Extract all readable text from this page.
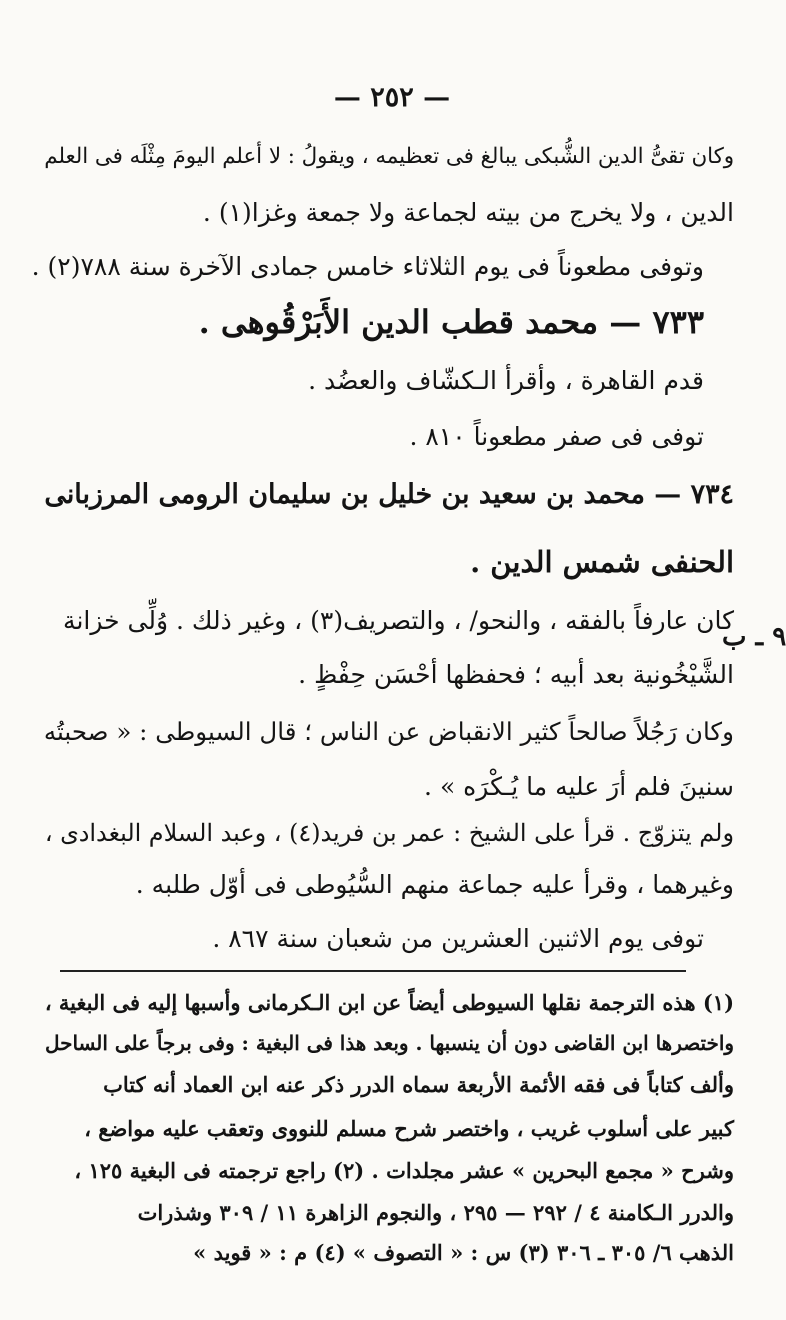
— ٢٥٢ —
٩ ـ ب
وكان تقىُّ الدين الشُّبكى يبالغ فى تعظيمه ، ويقولُ : لا أعلم اليومَ مِثْلَه فى العلم
الدين ، ولا يخرج من بيته لجماعة ولا جمعة وغزا(١) .
وتوفى مطعوناً فى يوم الثلاثاء خامس جمادى الآخرة سنة ٧٨٨(٢) .
٧٣٣ — محمد قطب الدين الأَبَرْقُوهى .
قدم القاهرة ، وأقرأ الـكشّاف والعضُد .
توفى فى صفر مطعوناً ٨١٠ .
٧٣٤ — محمد بن سعيد بن خليل بن سليمان الرومى المرزبانى
الحنفى شمس الدين .
كان عارفاً بالفقه ، والنحو/ ، والتصريف(٣) ، وغير ذلك . وُلِّى خزانة
الشَّيْخُونية بعد أبيه ؛ فحفظها أحْسَن حِفْظٍ .
وكان رَجُلاً صالحاً كثير الانقباض عن الناس ؛ قال السيوطى : « صحبتُه
سنينَ فلم أرَ عليه ما يُـكْرَه » .
ولم يتزوّج . قرأ على الشيخ : عمر بن فريد(٤) ، وعبد السلام البغدادى ،
وغيرهما ، وقرأ عليه جماعة منهم السُّيُوطى فى أوّل طلبه .
توفى يوم الاثنين العشرين من شعبان سنة ٨٦٧ .
(١) هذه الترجمة نقلها السيوطى أيضاً عن ابن الـكرمانى وأسبها إليه فى البغية ،
واختصرها ابن القاضى دون أن ينسبها . وبعد هذا فى البغية : وفى برجاً على الساحل
وألف كتاباً فى فقه الأئمة الأربعة سماه الدرر ذكر عنه ابن العماد أنه كتاب
كبير على أسلوب غريب ، واختصر شرح مسلم للنووى وتعقب عليه مواضع ،
وشرح « مجمع البحرين » عشر مجلدات . (٢) راجع ترجمته فى البغية ١٢٥ ،
والدرر الـكامنة ٤ / ٢٩٢ — ٢٩٥ ، والنجوم الزاهرة ١١ / ٣٠٩ وشذرات
الذهب ٦/ ٣٠٥ ـ ٣٠٦ (٣) س : « التصوف » (٤) م : « قويد »
